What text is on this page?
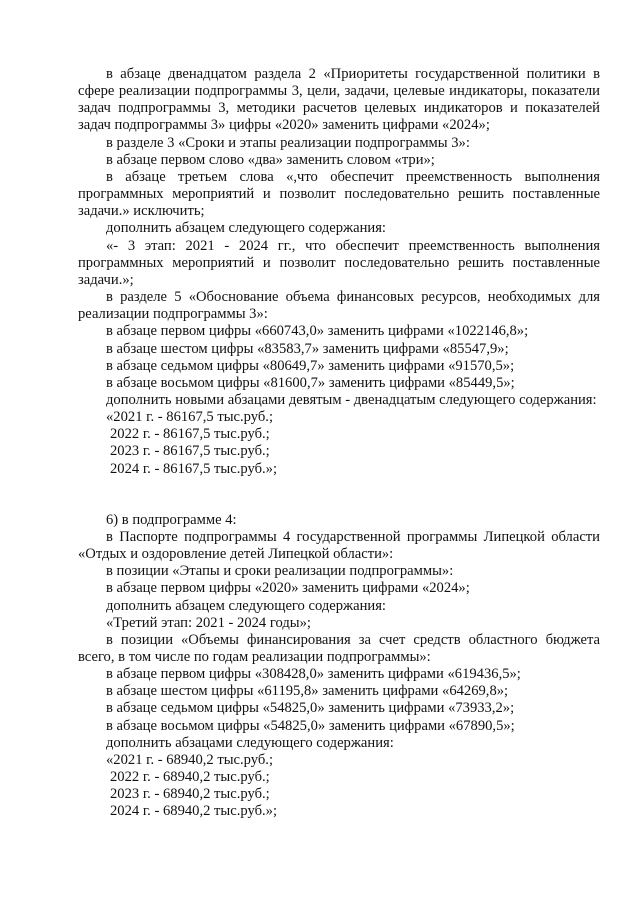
в абзаце двенадцатом раздела 2 «Приоритеты государственной политики в сфере реализации подпрограммы 3, цели, задачи, целевые индикаторы, показатели задач подпрограммы 3, методики расчетов целевых индикаторов и показателей задач подпрограммы 3» цифры «2020» заменить цифрами «2024»;

в разделе 3 «Сроки и этапы реализации подпрограммы 3»:

в абзаце первом слово «два» заменить словом «три»;

в абзаце третьем слова «,что обеспечит преемственность выполнения программных мероприятий и позволит последовательно решить поставленные задачи.» исключить;

дополнить абзацем следующего содержания:

«- 3 этап: 2021 - 2024 гг., что обеспечит преемственность выполнения программных мероприятий и позволит последовательно решить поставленные задачи.»;

в разделе 5 «Обоснование объема финансовых ресурсов, необходимых для реализации подпрограммы 3»:

в абзаце первом цифры «660743,0» заменить цифрами «1022146,8»;

в абзаце шестом цифры «83583,7» заменить цифрами «85547,9»;

в абзаце седьмом цифры «80649,7» заменить цифрами «91570,5»;

в абзаце восьмом цифры «81600,7» заменить цифрами «85449,5»;

дополнить новыми абзацами девятым - двенадцатым следующего содержания:

«2021 г. - 86167,5 тыс.руб.;

2022 г. - 86167,5 тыс.руб.;

2023 г. - 86167,5 тыс.руб.;

2024 г. - 86167,5 тыс.руб.»;

6) в подпрограмме 4:

в Паспорте подпрограммы 4 государственной программы Липецкой области «Отдых и оздоровление детей Липецкой области»:

в позиции «Этапы и сроки реализации подпрограммы»:

в абзаце первом цифры «2020» заменить цифрами «2024»;

дополнить абзацем следующего содержания:

«Третий этап: 2021 - 2024 годы»;

в позиции «Объемы финансирования за счет средств областного бюджета всего, в том числе по годам реализации подпрограммы»:

в абзаце первом цифры «308428,0» заменить цифрами «619436,5»;

в абзаце шестом цифры «61195,8» заменить цифрами «64269,8»;

в абзаце седьмом цифры «54825,0» заменить цифрами «73933,2»;

в абзаце восьмом цифры «54825,0» заменить цифрами «67890,5»;

дополнить абзацами следующего содержания:

«2021 г. - 68940,2 тыс.руб.;

2022 г. - 68940,2 тыс.руб.;

2023 г. - 68940,2 тыс.руб.;

2024 г. - 68940,2 тыс.руб.»;
